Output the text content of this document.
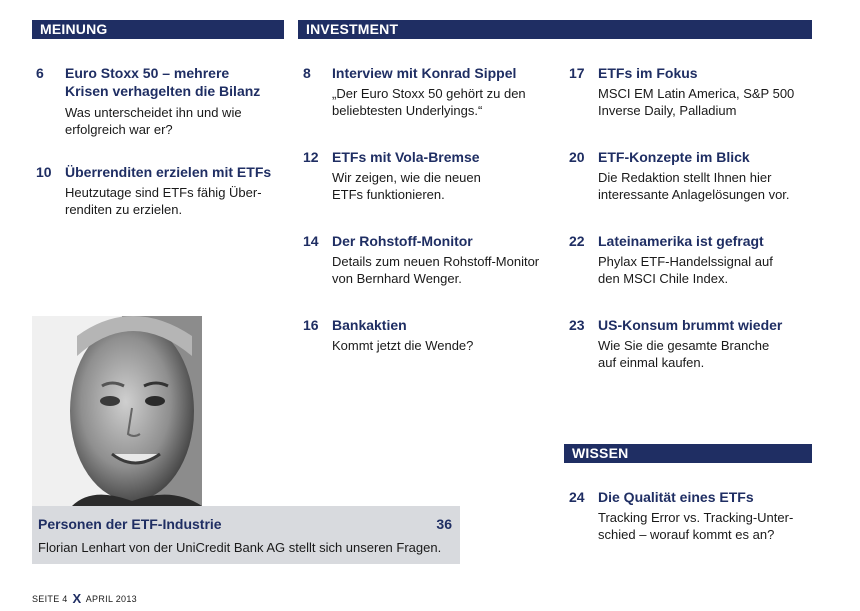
MEINUNG	INVESTMENT
WISSEN
6 Euro Stoxx 50 – mehrere Krisen verhagelten die Bilanz
Was unterscheidet ihn und wie erfolgreich war er?
10 Überrenditen erzielen mit ETFs
Heutzutage sind ETFs fähig Über-renditen zu erzielen.
8 Interview mit Konrad Sippel
„Der Euro Stoxx 50 gehört zu den beliebtesten Underlyings.“
12 ETFs mit Vola-Bremse
Wir zeigen, wie die neuen ETFs funktionieren.
14 Der Rohstoff-Monitor
Details zum neuen Rohstoff-Monitor von Bernhard Wenger.
16 Bankaktien
Kommt jetzt die Wende?
17 ETFs im Fokus
MSCI EM Latin America, S&P 500 Inverse Daily, Palladium
20 ETF-Konzepte im Blick
Die Redaktion stellt Ihnen hier interessante Anlagelösungen vor.
22 Lateinamerika ist gefragt
Phylax ETF-Handelssignal auf den MSCI Chile Index.
23 US-Konsum brummt wieder
Wie Sie die gesamte Branche auf einmal kaufen.
24 Die Qualität eines ETFs
Tracking Error vs. Tracking-Unter-schied – worauf kommt es an?
Personen der ETF-Industrie	36
Florian Lenhart von der UniCredit Bank AG stellt sich unseren Fragen.
SEITE 4 X APRIL 2013
